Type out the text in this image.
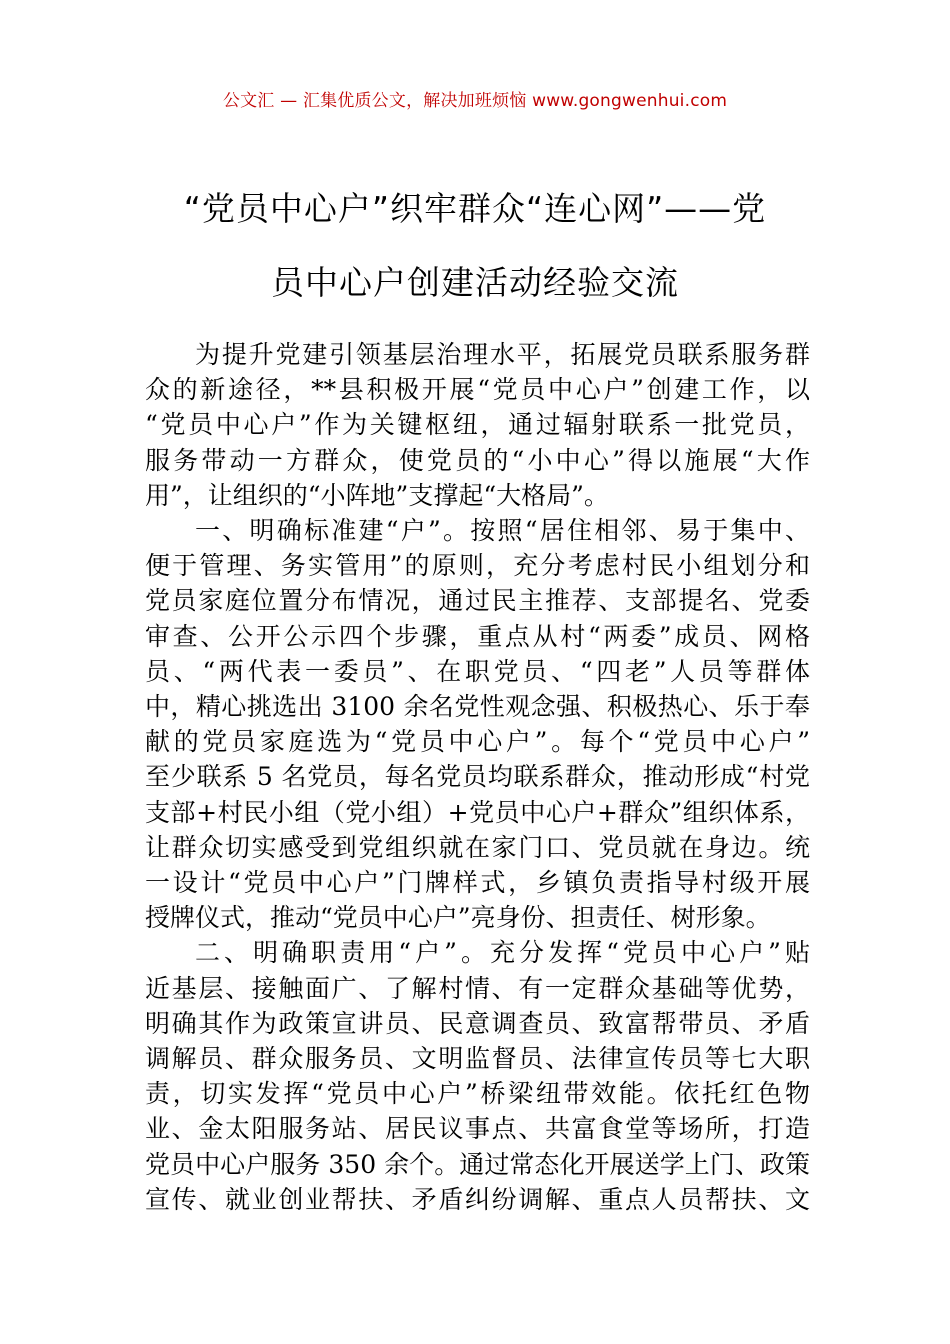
公文汇 — 汇集优质公文，解决加班烦恼 www.gongwenhui.com
“党员中心户”织牢群众“连心网”——党
员中心户创建活动经验交流
为提升党建引领基层治理水平，拓展党员联系服务群
众的新途径，**县积极开展“党员中心户”创建工作，以
“党员中心户”作为关键枢纽，通过辐射联系一批党员，
服务带动一方群众，使党员的“小中心”得以施展“大作
用”，让组织的“小阵地”支撑起“大格局”。
一、明确标准建“户”。按照“居住相邻、易于集中、
便于管理、务实管用”的原则，充分考虑村民小组划分和
党员家庭位置分布情况，通过民主推荐、支部提名、党委
审查、公开公示四个步骤，重点从村“两委”成员、网格
员、“两代表一委员”、在职党员、“四老”人员等群体
中，精心挑选出 3100 余名党性观念强、积极热心、乐于奉
献的党员家庭选为“党员中心户”。每个“党员中心户”
至少联系 5 名党员，每名党员均联系群众，推动形成“村党
支部+村民小组（党小组）+党员中心户+群众”组织体系，
让群众切实感受到党组织就在家门口、党员就在身边。统
一设计“党员中心户”门牌样式，乡镇负责指导村级开展
授牌仪式，推动“党员中心户”亮身份、担责任、树形象。
二、明确职责用“户”。充分发挥“党员中心户”贴
近基层、接触面广、了解村情、有一定群众基础等优势，
明确其作为政策宣讲员、民意调查员、致富帮带员、矛盾
调解员、群众服务员、文明监督员、法律宣传员等七大职
责，切实发挥“党员中心户”桥梁纽带效能。依托红色物
业、金太阳服务站、居民议事点、共富食堂等场所，打造
党员中心户服务 350 余个。通过常态化开展送学上门、政策
宣传、就业创业帮扶、矛盾纠纷调解、重点人员帮扶、文
